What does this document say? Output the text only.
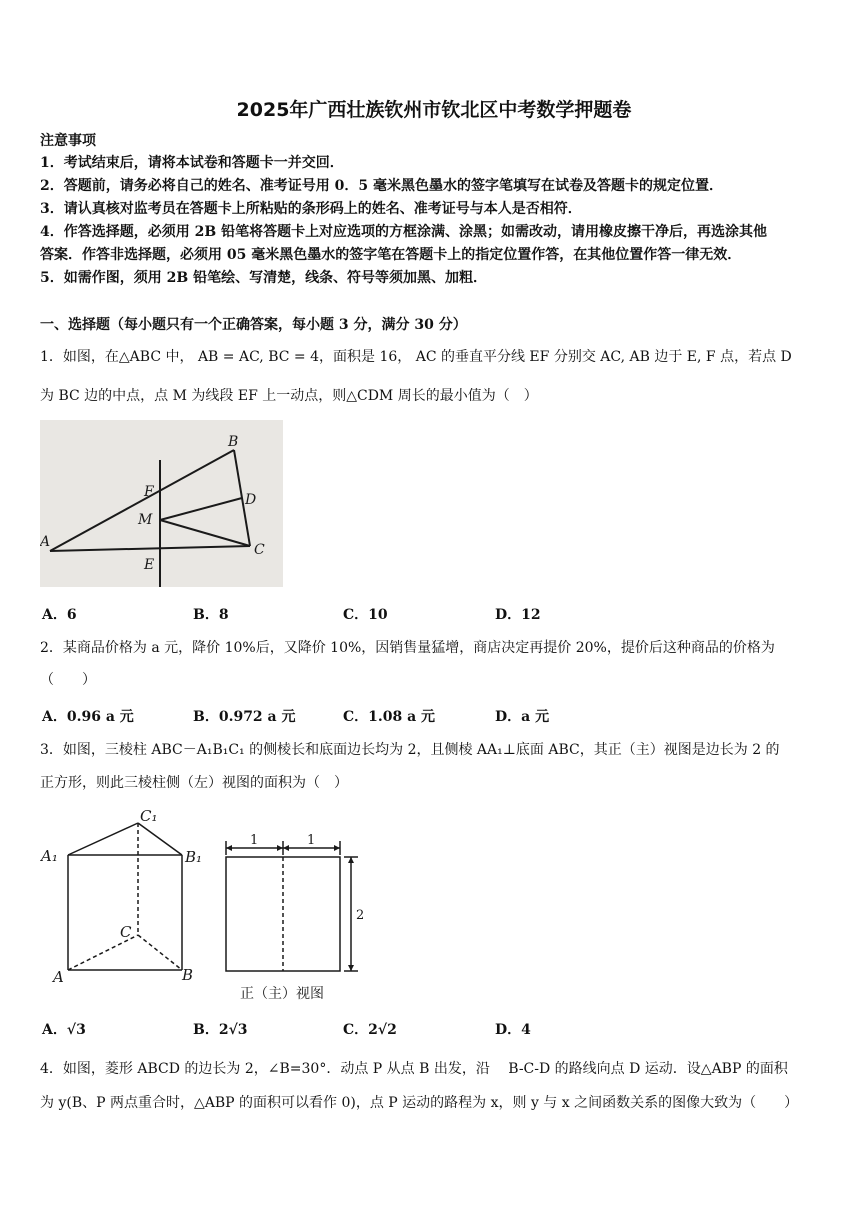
2025年广西壮族钦州市钦北区中考数学押题卷
注意事项
1．考试结束后，请将本试卷和答题卡一并交回．
2．答题前，请务必将自己的姓名、准考证号用 0．5 毫米黑色墨水的签字笔填写在试卷及答题卡的规定位置．
3．请认真核对监考员在答题卡上所粘贴的条形码上的姓名、准考证号与本人是否相符．
4．作答选择题，必须用 2B 铅笔将答题卡上对应选项的方框涂满、涂黑；如需改动，请用橡皮擦干净后，再选涂其他
答案．作答非选择题，必须用 05 毫米黑色墨水的签字笔在答题卡上的指定位置作答，在其他位置作答一律无效．
5．如需作图，须用 2B 铅笔绘、写清楚，线条、符号等须加黑、加粗．
一、选择题（每小题只有一个正确答案，每小题 3 分，满分 30 分）
1．如图，在△ABC 中， AB = AC, BC = 4，面积是 16， AC 的垂直平分线 EF 分别交 AC, AB 边于 E, F 点，若点 D
为 BC 边的中点，点 M 为线段 EF 上一动点，则△CDM 周长的最小值为（　）
A
B
C
D
E
F
M
A．6	B．8	C．10	D．12
2．某商品价格为 a 元，降价 10%后，又降价 10%，因销售量猛增，商店决定再提价 20%，提价后这种商品的价格为
（　　）
A．0.96 a 元	B．0.972 a 元	C．1.08 a 元	D．a 元
3．如图，三棱柱 ABC－A₁B₁C₁ 的侧棱长和底面边长均为 2，且侧棱 AA₁⊥底面 ABC，其正（主）视图是边长为 2 的
正方形，则此三棱柱侧（左）视图的面积为（　）
A₁	B₁
C₁
A	B
C
1	1
2
正（主）视图
A．√3	B．2√3	C．2√2	D．4
4．如图，菱形 ABCD 的边长为 2，∠B=30°．动点 P 从点 B 出发，沿　 B-C-D 的路线向点 D 运动．设△ABP 的面积
为 y(B、P 两点重合时，△ABP 的面积可以看作 0)，点 P 运动的路程为 x，则 y 与 x 之间函数关系的图像大致为（　　）
